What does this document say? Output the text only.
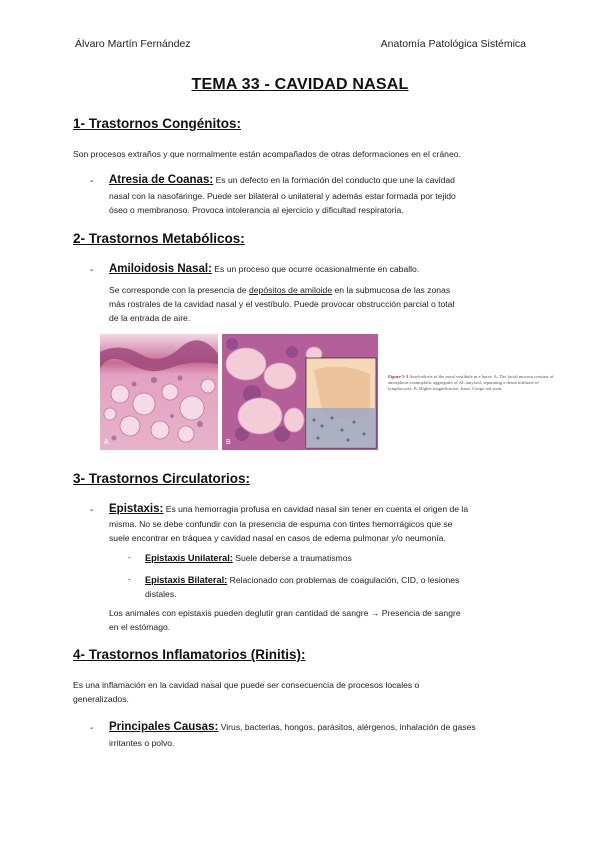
Álvaro Martín Fernández	Anatomía Patológica Sistémica
TEMA 33 - CAVIDAD NASAL
1- Trastornos Congénitos:
Son procesos extraños y que normalmente están acompañados de otras deformaciones en el cráneo.
- Atresia de Coanas: Es un defecto en la formación del conducto que une la cavidad
nasal con la nasofaringe. Puede ser bilateral o unilateral y además estar formada por tejido
óseo o membranoso. Provoca intolerancia al ejercicio y dificultad respiratoria.
2- Trastornos Metabólicos:
- Amiloidosis Nasal: Es un proceso que ocurre ocasionalmente en caballo.
Se corresponde con la presencia de depósitos de amiloide en la submucosa de las zonas
más rostrales de la cavidad nasal y el vestíbulo. Puede provocar obstrucción parcial o total
de la entrada de aire.
A	B
Figure 5-3 Amyloidosis of the nasal vestibule in a horse. A, The facial mucosa consists of amorphous eosinophilic aggregates of AL amyloid, separating a dense infiltrate of lymphocytes. B, Higher magnification. Inset, Congo red stain.
3- Trastornos Circulatorios:
- Epistaxis: Es una hemorragia profusa en cavidad nasal sin tener en cuenta el origen de la
misma. No se debe confundir con la presencia de espuma con tintes hemorrágicos que se
suele encontrar en tráquea y cavidad nasal en casos de edema pulmonar y/o neumonía.
- Epistaxis Unilateral: Suele deberse a traumatismos
- Epistaxis Bilateral: Relacionado con problemas de coagulación, CID, o lesiones
distales.
Los animales con epistaxis pueden deglutir gran cantidad de sangre → Presencia de sangre
en el estómago.
4- Trastornos Inflamatorios (Rinitis):
Es una inflamación en la cavidad nasal que puede ser consecuencia de procesos locales o
generalizados.
- Principales Causas: Virus, bacterias, hongos, parásitos, alérgenos, inhalación de gases
irritantes o polvo.
